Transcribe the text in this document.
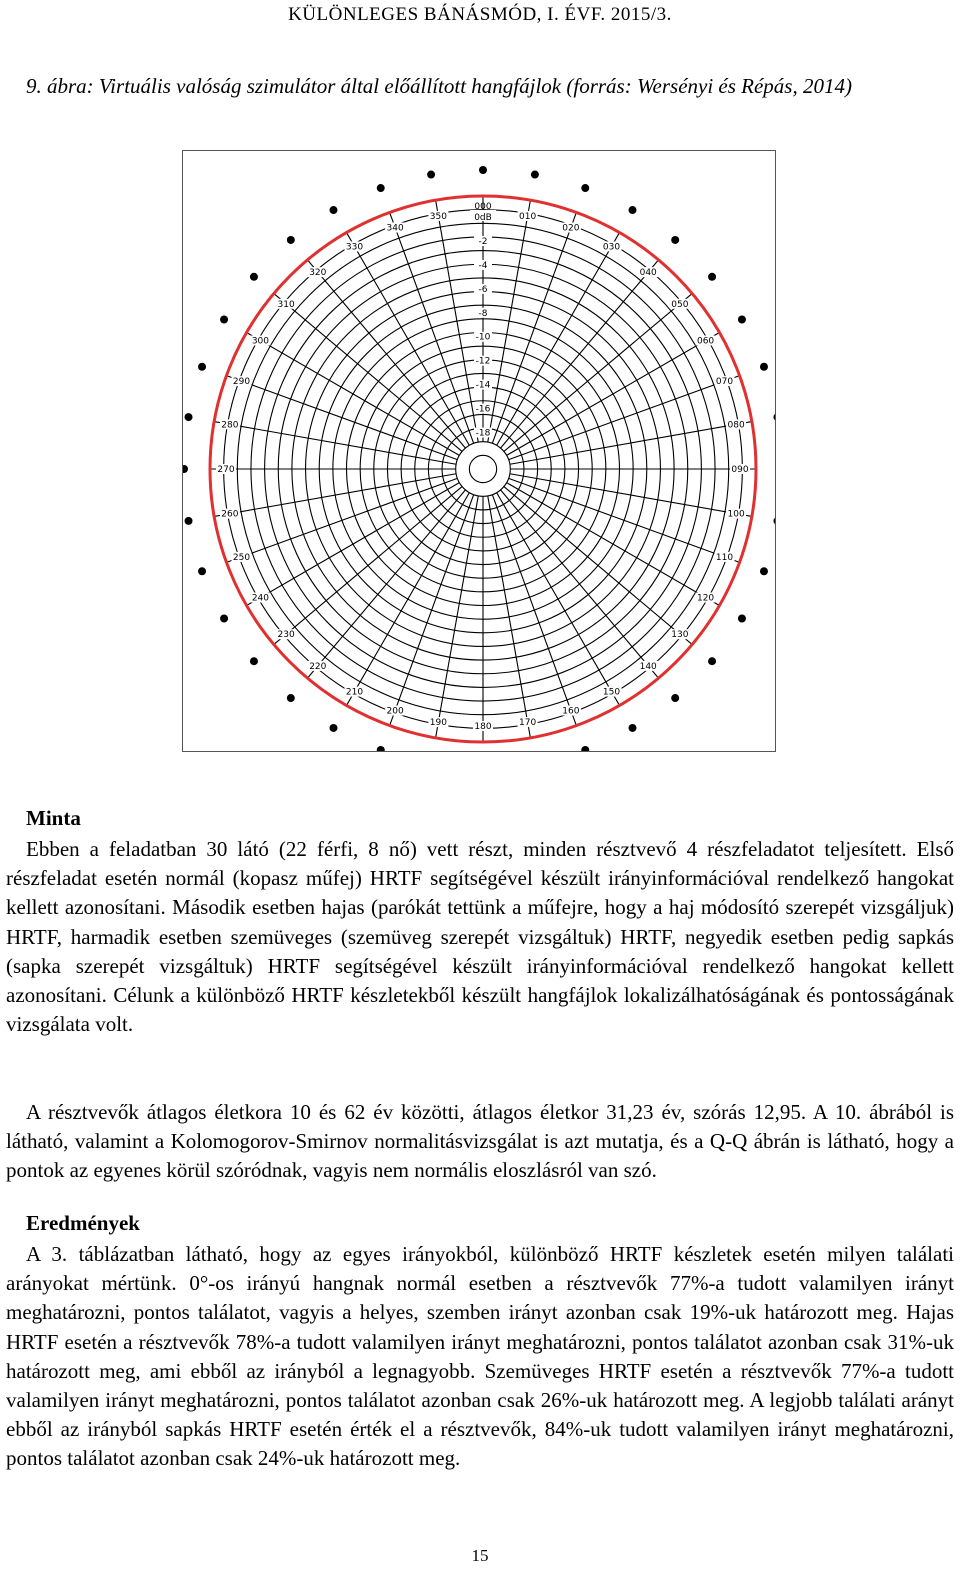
KÜLÖNLEGES BÁNÁSMÓD, I. ÉVF. 2015/3.
9. ábra: Virtuális valóság szimulátor által előállított hangfájlok (forrás: Wersényi és Répás, 2014)
0dB
-2
-4
-6
-8
-10
-12
-14
-16
-18
000
010
020
030
040
050
060
070
080
090
100
110
120
130
140
150
160
170
180
190
200
210
220
230
240
250
260
270
280
290
300
310
320
330
340
350
Minta
Ebben a feladatban 30 látó (22 férfi, 8 nő) vett részt, minden résztvevő 4 részfeladatot teljesített. Első részfeladat esetén normál (kopasz műfej) HRTF segítségével készült irányinformációval rendelkező hangokat kellett azonosítani. Második esetben hajas (parókát tettünk a műfejre, hogy a haj módosító szerepét vizsgáljuk) HRTF, harmadik esetben szemüveges (szemüveg szerepét vizsgáltuk) HRTF, negyedik esetben pedig sapkás (sapka szerepét vizsgáltuk) HRTF segítségével készült irányinformációval rendelkező hangokat kellett azonosítani. Célunk a különböző HRTF készletekből készült hangfájlok lokalizálhatóságának és pontosságának vizsgálata volt.
A résztvevők átlagos életkora 10 és 62 év közötti, átlagos életkor 31,23 év, szórás 12,95. A 10. ábrából is látható, valamint a Kolomogorov-Smirnov normalitásvizsgálat is azt mutatja, és a Q-Q ábrán is látható, hogy a pontok az egyenes körül szóródnak, vagyis nem normális eloszlásról van szó.
Eredmények
A 3. táblázatban látható, hogy az egyes irányokból, különböző HRTF készletek esetén milyen találati arányokat mértünk. 0°-os irányú hangnak normál esetben a résztvevők 77%-a tudott valamilyen irányt meghatározni, pontos találatot, vagyis a helyes, szemben irányt azonban csak 19%-uk határozott meg. Hajas HRTF esetén a résztvevők 78%-a tudott valamilyen irányt meghatározni, pontos találatot azonban csak 31%-uk határozott meg, ami ebből az irányból a legnagyobb. Szemüveges HRTF esetén a résztvevők 77%-a tudott valamilyen irányt meghatározni, pontos találatot azonban csak 26%-uk határozott meg. A legjobb találati arányt ebből az irányból sapkás HRTF esetén érték el a résztvevők, 84%-uk tudott valamilyen irányt meghatározni, pontos találatot azonban csak 24%-uk határozott meg.
15
